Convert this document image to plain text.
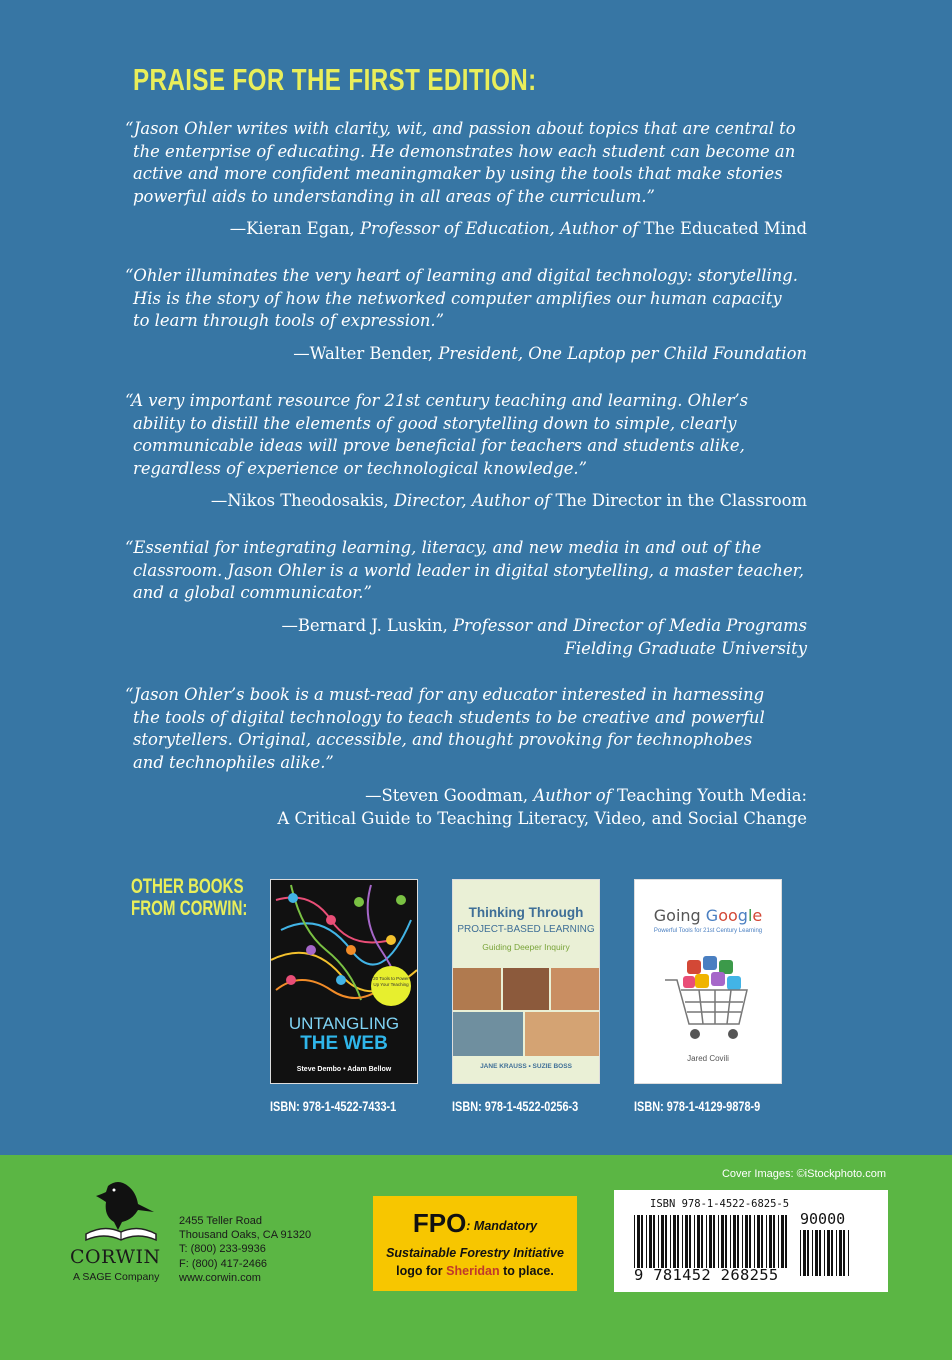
PRAISE FOR THE FIRST EDITION:
“Jason Ohler writes with clarity, wit, and passion about topics that are central to
the enterprise of educating. He demonstrates how each student can become an
active and more confident meaningmaker by using the tools that make stories
powerful aids to understanding in all areas of the curriculum.”
—Kieran Egan, Professor of Education, Author of The Educated Mind
“Ohler illuminates the very heart of learning and digital technology: storytelling.
His is the story of how the networked computer amplifies our human capacity
to learn through tools of expression.”
—Walter Bender, President, One Laptop per Child Foundation
“A very important resource for 21st century teaching and learning. Ohler’s
ability to distill the elements of good storytelling down to simple, clearly
communicable ideas will prove beneficial for teachers and students alike,
regardless of experience or technological knowledge.”
—Nikos Theodosakis, Director, Author of The Director in the Classroom
“Essential for integrating learning, literacy, and new media in and out of the
classroom. Jason Ohler is a world leader in digital storytelling, a master teacher,
and a global communicator.”
—Bernard J. Luskin, Professor and Director of Media Programs
Fielding Graduate University
“Jason Ohler’s book is a must-read for any educator interested in harnessing
the tools of digital technology to teach students to be creative and powerful
storytellers. Original, accessible, and thought provoking for technophobes
and technophiles alike.”
—Steven Goodman, Author of Teaching Youth Media:
A Critical Guide to Teaching Literacy, Video, and Social Change
OTHER BOOKS
FROM CORWIN:
20 Tools to Power Up Your Teaching
UNTANGLING
THE WEB
Steve Dembo • Adam Bellow
ISBN: 978-1-4522-7433-1
Thinking Through
PROJECT-BASED LEARNING
Guiding Deeper Inquiry
JANE KRAUSS • SUZIE BOSS
ISBN: 978-1-4522-0256-3
Going Google
Powerful Tools for 21st Century Learning
Jared Covili
ISBN: 978-1-4129-9878-9
Cover Images: ©iStockphoto.com
CORWIN
A SAGE Company
2455 Teller Road
Thousand Oaks, CA 91320
T: (800) 233-9936
F: (800) 417-2466
www.corwin.com
FPO: Mandatory
Sustainable Forestry Initiative
logo for Sheridan to place.
ISBN 978-1-4522-6825-5
90000
9 781452 268255
